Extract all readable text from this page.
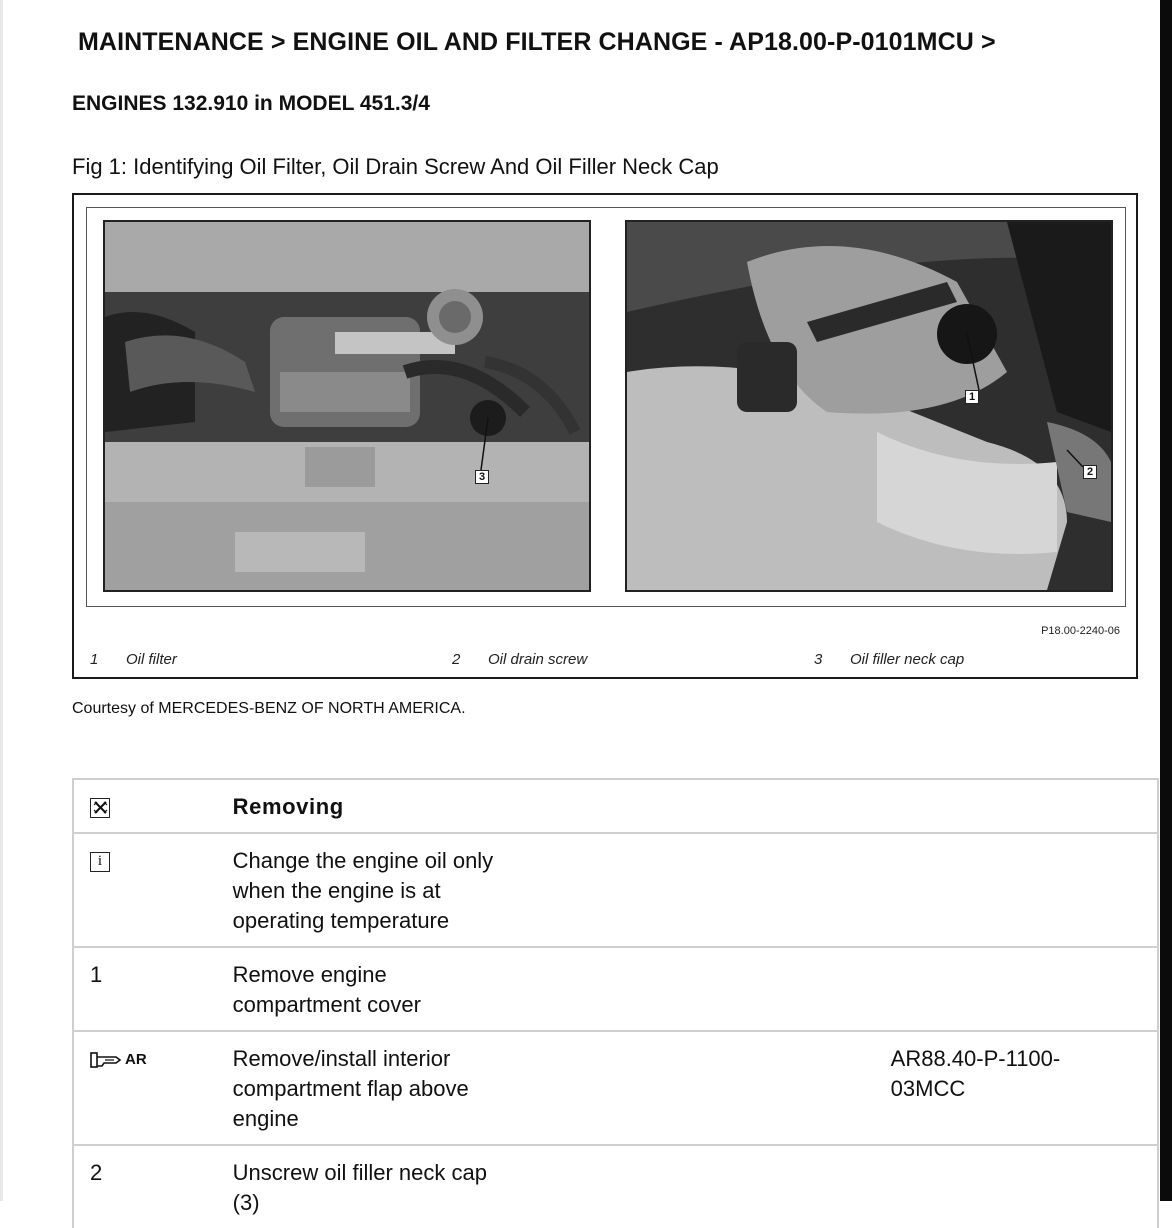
MAINTENANCE > ENGINE OIL AND FILTER CHANGE - AP18.00-P-0101MCU >
ENGINES 132.910 in MODEL 451.3/4
Fig 1: Identifying Oil Filter, Oil Drain Screw And Oil Filler Neck Cap
3
1
2
P18.00-2240-06
1 Oil filter	2 Oil drain screw	3 Oil filler neck cap
Courtesy of MERCEDES-BENZ OF NORTH AMERICA.
	Removing	
i	Change the engine oil only
when the engine is at
operating temperature	
1	Remove engine
compartment cover	

AR	Remove/install interior
compartment flap above
engine	AR88.40-P-1100-
03MCC
2	Unscrew oil filler neck cap
(3)	
